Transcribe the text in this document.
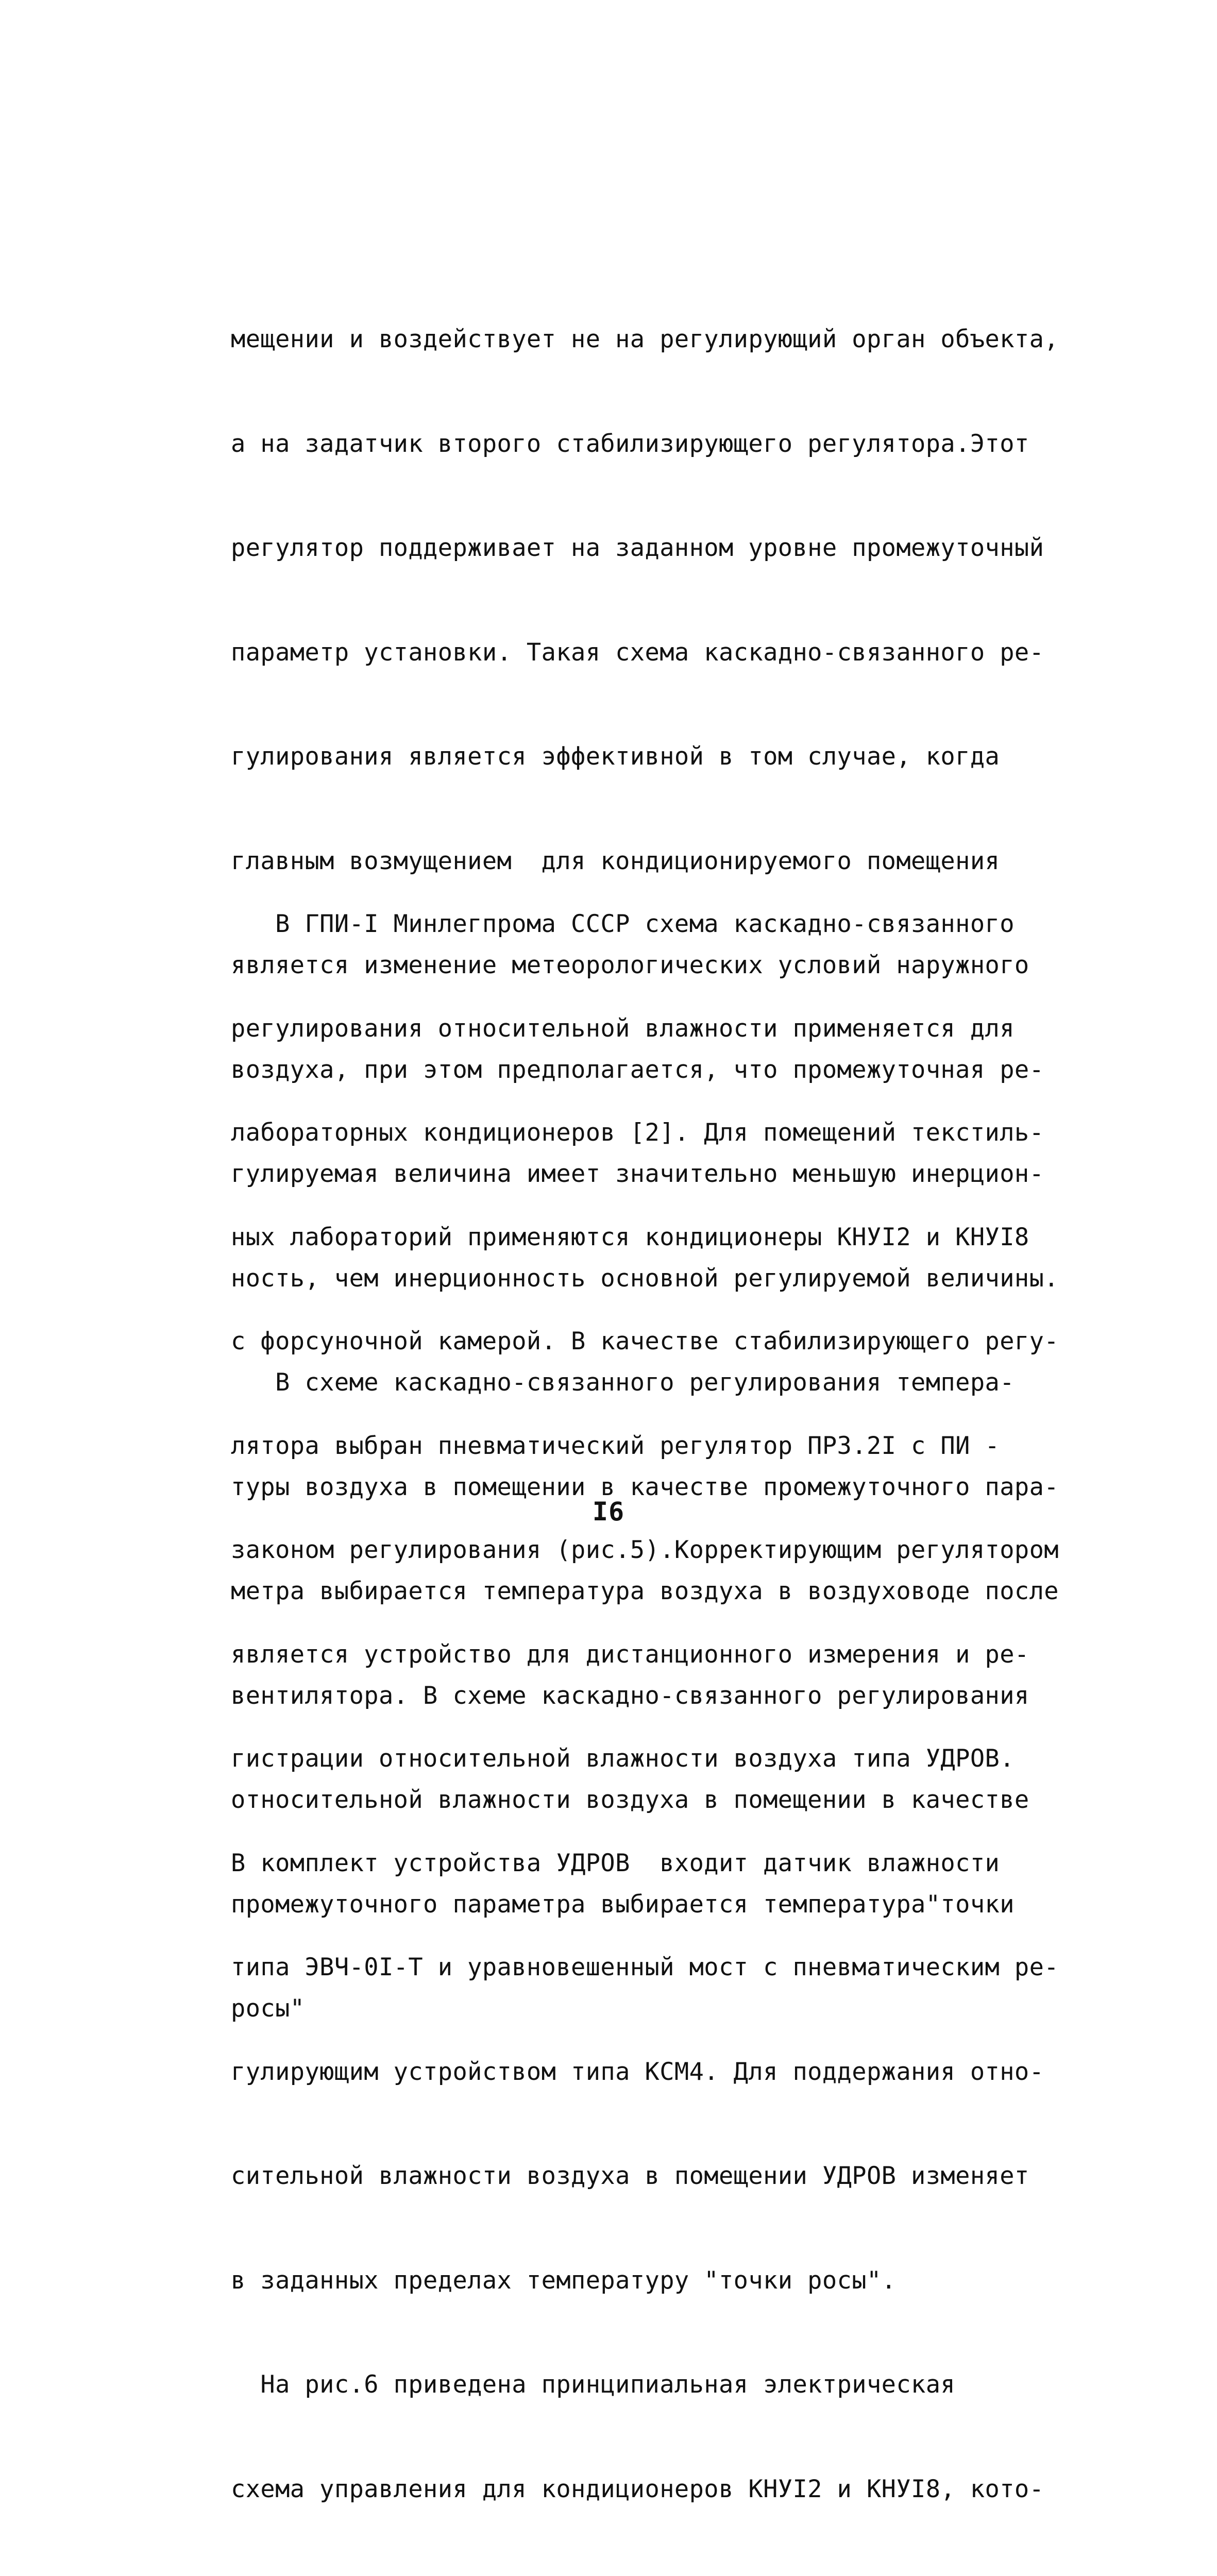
мещении и воздействует не на регулирующий орган объекта,

а на задатчик второго стабилизирующего регулятора.Этот

регулятор поддерживает на заданном уровне промежуточный

параметр установки. Такая схема каскадно-связанного ре-

гулирования является эффективной в том случае, когда

главным возмущением  для кондиционируемого помещения

является изменение метеорологических условий наружного

воздуха, при этом предполагается, что промежуточная ре-

гулируемая величина имеет значительно меньшую инерцион-

ность, чем инерционность основной регулируемой величины.

В схеме каскадно-связанного регулирования темпера-

туры воздуха в помещении в качестве промежуточного пара-

метра выбирается температура воздуха в воздуховоде после

вентилятора. В схеме каскадно-связанного регулирования

относительной влажности воздуха в помещении в качестве

промежуточного параметра выбирается температура"точки

росы"

В ГПИ-I Минлегпрома СССР схема каскадно-связанного

регулирования относительной влажности применяется для

лабораторных кондиционеров [2]. Для помещений текстиль-

ных лабораторий применяются кондиционеры КНУI2 и КНУI8

с форсуночной камерой. В качестве стабилизирующего регу-

лятора выбран пневматический регулятор ПР3.2I с ПИ -

законом регулирования (рис.5).Корректирующим регулятором

является устройство для дистанционного измерения и ре-

гистрации относительной влажности воздуха типа УДРОВ.

В комплект устройства УДРОВ  входит датчик влажности

типа ЭВЧ-0I-Т и уравновешенный мост с пневматическим ре-

гулирующим устройством типа КСМ4. Для поддержания отно-

сительной влажности воздуха в помещении УДРОВ изменяет

в заданных пределах температуру "точки росы".

На рис.6 приведена принципиальная электрическая

схема управления для кондиционеров КНУI2 и КНУI8, кото-

I6
